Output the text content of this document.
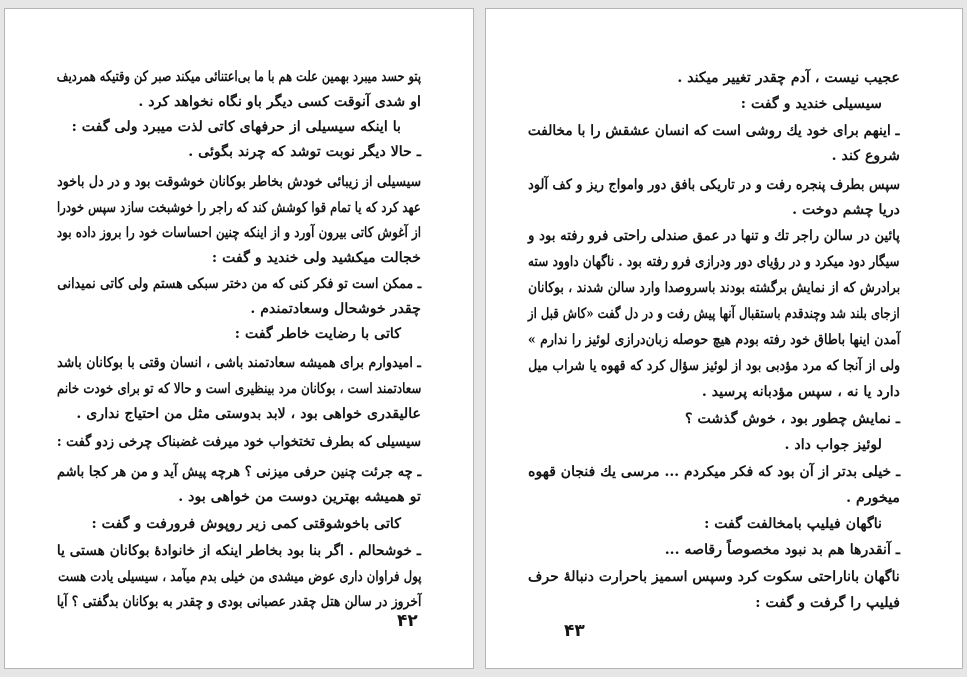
پتو حسد میبرد بهمین علت هم با ما بی‌اعتنائی میکند صبر کن وقتیکه همردیف
او شدی آنوقت کسی دیگر باو نگاه نخواهد کرد .
با اینکه سیسیلی از حرفهای کاتی لذت میبرد ولی گفت :
ـ حالا دیگر نوبت توشد که چرند بگوئی .
سیسیلی از زیبائی خودش بخاطر بوکانان خوشوقت بود و در دل باخود
عهد کرد که یا تمام قوا کوشش کند که راجر را خوشبخت سازد سپس خودرا
از آغوش کاتی بیرون آورد و از اینکه چنین احساسات خود را بروز داده بود
خجالت میکشید ولی خندید و گفت :
ـ ممکن است تو فکر کنی که من دختر سبکی هستم ولی کاتی نمیدانی
چقدر خوشحال وسعادتمندم .
کاتی با رضایت خاطر گفت :
ـ امیدوارم برای همیشه سعادتمند باشی ، انسان وقتی با بوکانان باشد
سعادتمند است ، بوکانان مرد بینظیری است و حالا که تو برای خودت خانم
عالیقدری خواهی بود ، لابد بدوستی مثل من احتیاج نداری .
سیسیلی که بطرف تختخواب خود میرفت غضبناک چرخی زدو گفت :
ـ چه جرئت چنین حرفی میزنی ؟ هرچه پیش آید و من هر کجا باشم
تو همیشه بهترین دوست من خواهی بود .
کاتی باخوشوقتی کمی زیر روپوش فرورفت و گفت :
ـ خوشحالم . اگر بنا بود بخاطر اینکه از خانوادهٔ بوکانان هستی یا
پول فراوان داری عوض میشدی من خیلی بدم میآمد ، سیسیلی یادت هست
آخروز در سالن هتل چقدر عصبانی بودی و چقدر به بوکانان بدگفتی ؟ آیا
۴۲
عجیب نیست ، آدم چقدر تغییر میکند .
سیسیلی خندید و گفت :
ـ اینهم برای خود یك روشی است که انسان عشقش را با مخالفت
شروع کند .
سپس بطرف پنجره رفت و در تاریکی بافق دور وامواج ریز و کف آلود
دریا چشم دوخت .
پائین در سالن راجر تك و تنها در عمق صندلی راحتی فرو رفته بود و
سیگار دود میکرد و در رؤیای دور ودرازی فرو رفته بود . ناگهان داوود سته
برادرش که از نمایش برگشته بودند باسروصدا وارد سالن شدند ، بوکانان
ازجای بلند شد وچندقدم باستقبال آنها پیش رفت و در دل گفت «کاش قبل از
آمدن اینها باطاق خود رفته بودم هیچ حوصله زبان‌درازی لوئیز را ندارم »
ولی از آنجا که مرد مؤدبی بود از لوئیز سؤال کرد که قهوه یا شراب میل
دارد یا نه ، سپس مؤدبانه پرسید .
ـ نمایش چطور بود ، خوش گذشت ؟
لوئیز جواب داد .
ـ خیلی بدتر از آن بود که فکر میکردم ... مرسی یك فنجان قهوه
میخورم .
ناگهان فیلیپ بامخالفت گفت :
ـ آنقدرها هم بد نبود مخصوصاً رقاصه ...
ناگهان باناراحتی سکوت کرد وسپس اسمیز باحرارت دنبالهٔ حرف
فیلیپ را گرفت و گفت :
۴۳
